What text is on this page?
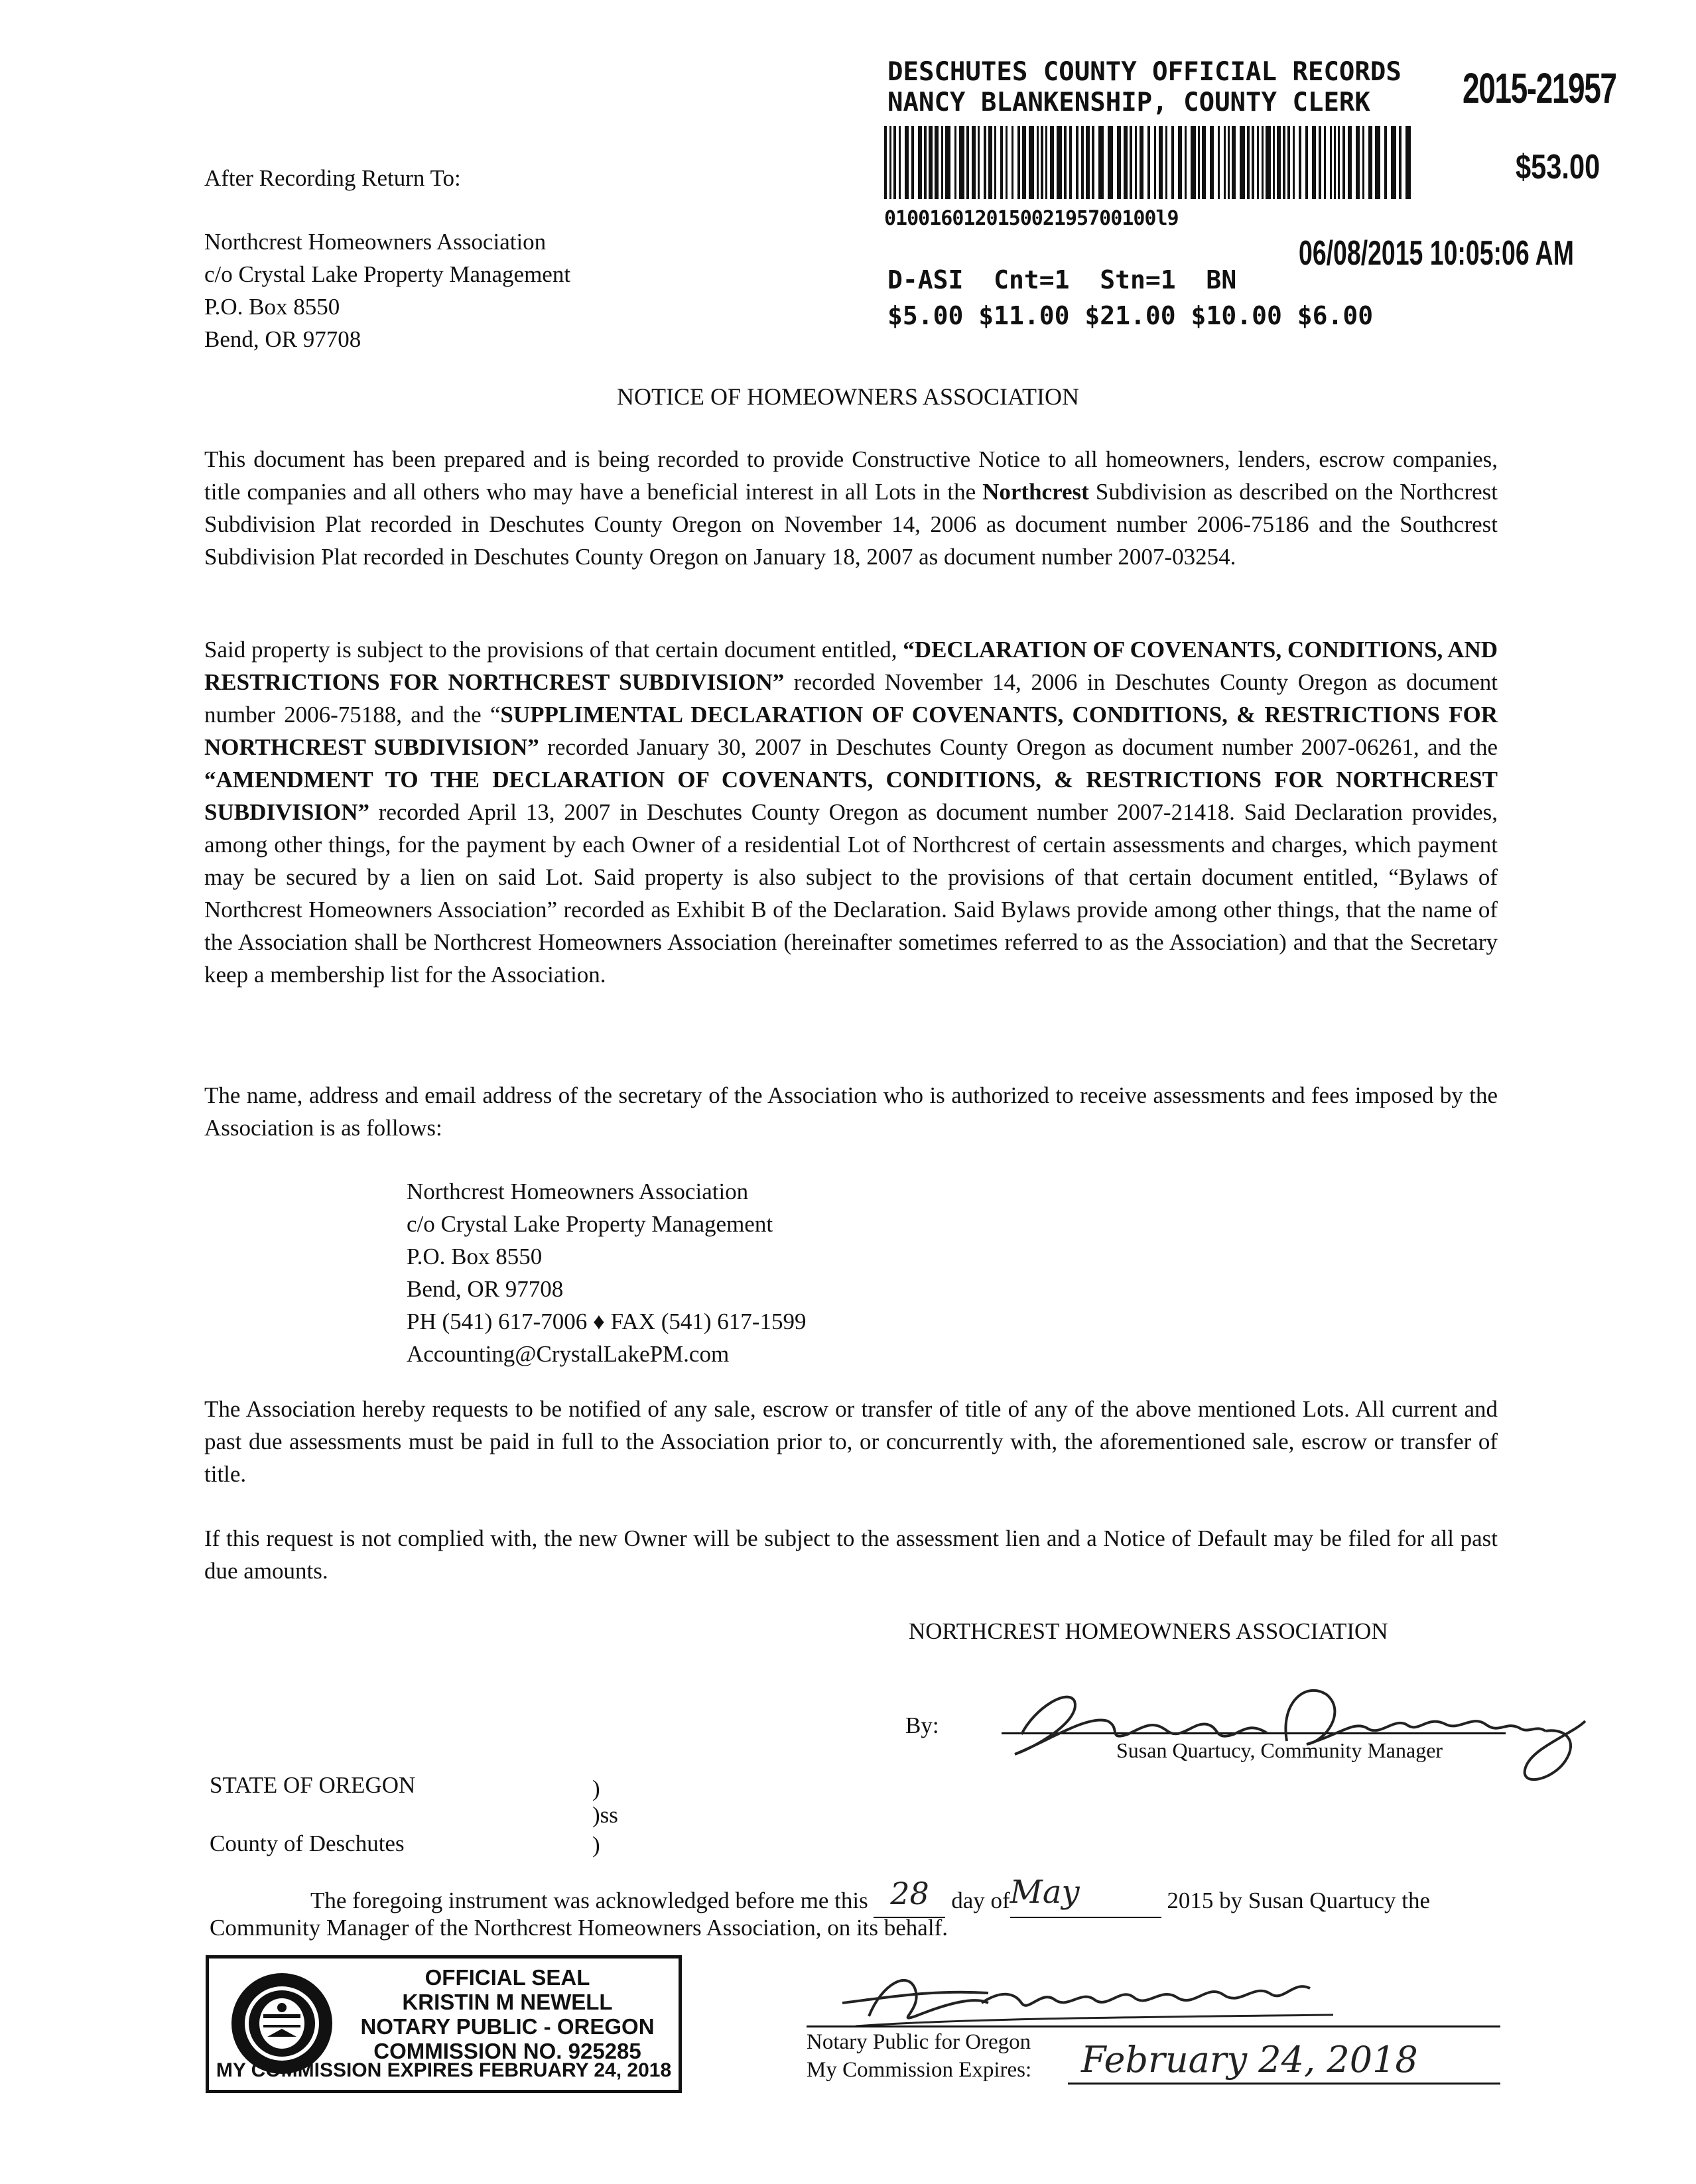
DESCHUTES COUNTY OFFICIAL RECORDS
NANCY BLANKENSHIP, COUNTY CLERK	2015-21957
$53.00
010016012015002195700100l9
06/08/2015 10:05:06 AM
D-ASI  Cnt=1  Stn=1  BN
$5.00 $11.00 $21.00 $10.00 $6.00
After Recording Return To:
Northcrest Homeowners Association
c/o Crystal Lake Property Management
P.O. Box 8550
Bend, OR 97708
NOTICE OF HOMEOWNERS ASSOCIATION

This document has been prepared and is being recorded to provide Constructive Notice to all homeowners, lenders, escrow companies, title companies and all others who may have a beneficial interest in all Lots in the Northcrest Subdivision as described on the Northcrest Subdivision Plat recorded in Deschutes County Oregon on November 14, 2006 as document number 2006-75186 and the Southcrest Subdivision Plat recorded in Deschutes County Oregon on January 18, 2007 as document number 2007-03254.

Said property is subject to the provisions of that certain document entitled, “DECLARATION OF COVENANTS, CONDITIONS, AND RESTRICTIONS FOR NORTHCREST SUBDIVISION” recorded November 14, 2006 in Deschutes County Oregon as document number 2006-75188, and the “SUPPLIMENTAL DECLARATION OF COVENANTS, CONDITIONS, & RESTRICTIONS FOR NORTHCREST SUBDIVISION” recorded January 30, 2007 in Deschutes County Oregon as document number 2007-06261, and the “AMENDMENT TO THE DECLARATION OF COVENANTS, CONDITIONS, & RESTRICTIONS FOR NORTHCREST SUBDIVISION” recorded April 13, 2007 in Deschutes County Oregon as document number 2007-21418. Said Declaration provides, among other things, for the payment by each Owner of a residential Lot of Northcrest of certain assessments and charges, which payment may be secured by a lien on said Lot. Said property is also subject to the provisions of that certain document entitled, “Bylaws of Northcrest Homeowners Association” recorded as Exhibit B of the Declaration. Said Bylaws provide among other things, that the name of the Association shall be Northcrest Homeowners Association (hereinafter sometimes referred to as the Association) and that the Secretary keep a membership list for the Association.

The name, address and email address of the secretary of the Association who is authorized to receive assessments and fees imposed by the Association is as follows:

Northcrest Homeowners Association
c/o Crystal Lake Property Management
P.O. Box 8550
Bend, OR 97708
PH (541) 617-7006 ♦ FAX (541) 617-1599
Accounting@CrystalLakePM.com

The Association hereby requests to be notified of any sale, escrow or transfer of title of any of the above mentioned Lots. All current and past due assessments must be paid in full to the Association prior to, or concurrently with, the aforementioned sale, escrow or transfer of title.

If this request is not complied with, the new Owner will be subject to the assessment lien and a Notice of Default may be filed for all past due amounts.

NORTHCREST HOMEOWNERS ASSOCIATION
By:
Susan Quartucy, Community Manager
STATE OF OREGON
County of Deschutes
)
)ss
)
The foregoing instrument was acknowledged before me this 28 day ofMay	2015 by Susan Quartucy the
Community Manager of the Northcrest Homeowners Association, on its behalf.
OFFICIAL SEAL
KRISTIN M NEWELL
NOTARY PUBLIC - OREGON
COMMISSION NO. 925285
MY COMMISSION EXPIRES FEBRUARY 24, 2018
Notary Public for Oregon
My Commission Expires: February 24, 2018
